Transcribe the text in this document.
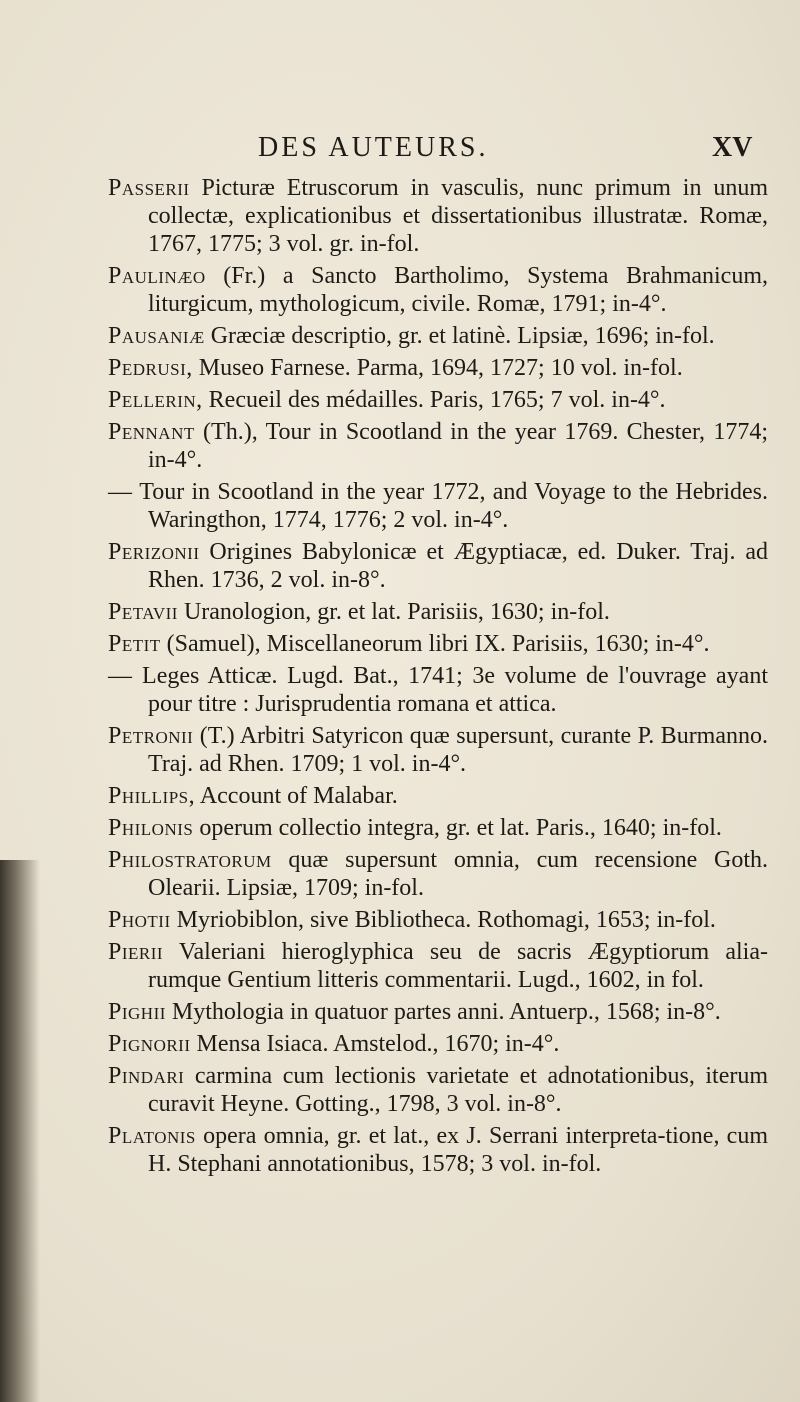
DES AUTEURS.	XV

Passerii Picturæ Etruscorum in vasculis, nunc primum in unum collectæ, explicationibus et dissertationibus illustratæ. Romæ, 1767, 1775; 3 vol. gr. in-fol.

Paulinæo (Fr.) a Sancto Bartholimo, Systema Brahmanicum, liturgicum, mythologicum, civile. Romæ, 1791; in-4°.

Pausaniæ Græciæ descriptio, gr. et latinè. Lipsiæ, 1696; in-fol.

Pedrusi, Museo Farnese. Parma, 1694, 1727; 10 vol. in-fol.

Pellerin, Recueil des médailles. Paris, 1765; 7 vol. in-4°.

Pennant (Th.), Tour in Scootland in the year 1769. Chester, 1774; in-4°.

— Tour in Scootland in the year 1772, and Voyage to the Hebrides. Waringthon, 1774, 1776; 2 vol. in-4°.

Perizonii Origines Babylonicæ et Ægyptiacæ, ed. Duker. Traj. ad Rhen. 1736, 2 vol. in-8°.

Petavii Uranologion, gr. et lat. Parisiis, 1630; in-fol.

Petit (Samuel), Miscellaneorum libri IX. Parisiis, 1630; in-4°.

— Leges Atticæ. Lugd. Bat., 1741; 3e volume de l'ouvrage ayant pour titre : Jurisprudentia romana et attica.

Petronii (T.) Arbitri Satyricon quæ supersunt, curante P. Burmanno. Traj. ad Rhen. 1709; 1 vol. in-4°.

Phillips, Account of Malabar.

Philonis operum collectio integra, gr. et lat. Paris., 1640; in-fol.

Philostratorum quæ supersunt omnia, cum recensione Goth. Olearii. Lipsiæ, 1709; in-fol.

Photii Myriobiblon, sive Bibliotheca. Rothomagi, 1653; in-fol.

Pierii Valeriani hieroglyphica seu de sacris Ægyptiorum alia-rumque Gentium litteris commentarii. Lugd., 1602, in fol.

Pighii Mythologia in quatuor partes anni. Antuerp., 1568; in-8°.

Pignorii Mensa Isiaca. Amstelod., 1670; in-4°.

Pindari carmina cum lectionis varietate et adnotationibus, iterum curavit Heyne. Gotting., 1798, 3 vol. in-8°.

Platonis opera omnia, gr. et lat., ex J. Serrani interpreta-tione, cum H. Stephani annotationibus, 1578; 3 vol. in-fol.
